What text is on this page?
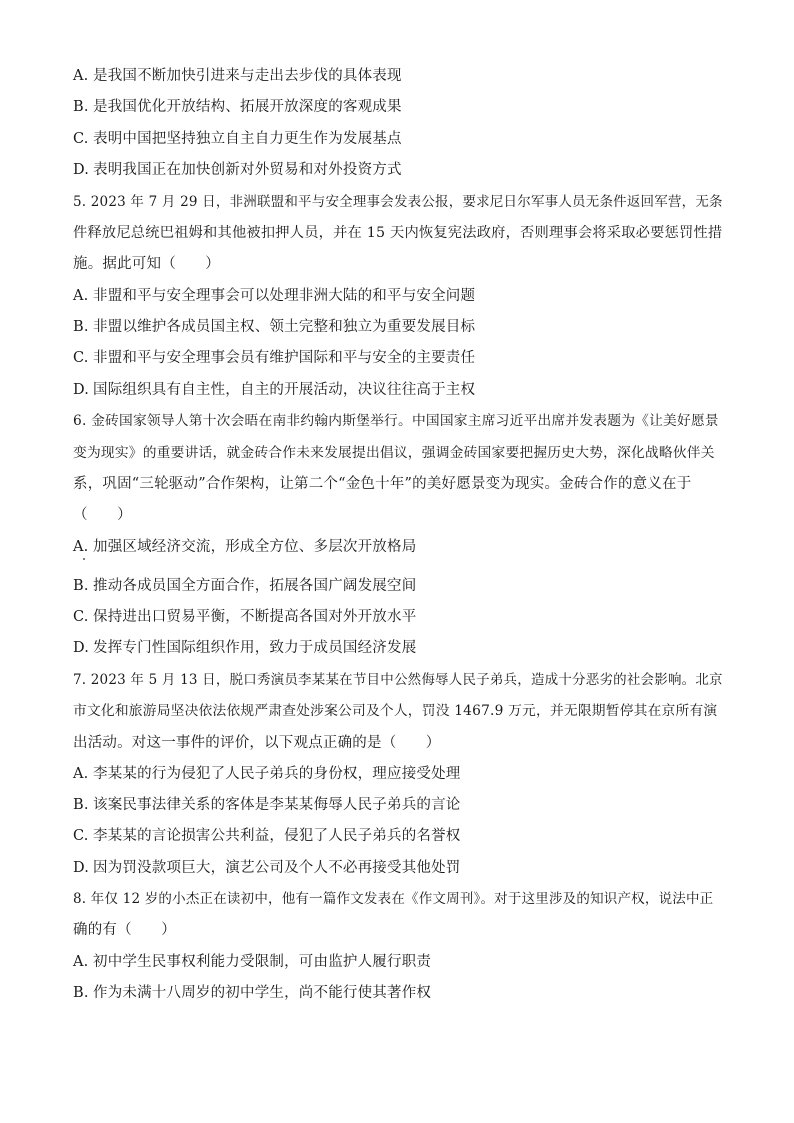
A. 是我国不断加快引进来与走出去步伐的具体表现
B. 是我国优化开放结构、拓展开放深度的客观成果
C. 表明中国把坚持独立自主自力更生作为发展基点
D. 表明我国正在加快创新对外贸易和对外投资方式
5. 2023 年 7 月 29 日，非洲联盟和平与安全理事会发表公报，要求尼日尔军事人员无条件返回军营，无条
件释放尼总统巴祖姆和其他被扣押人员，并在 15 天内恢复宪法政府，否则理事会将采取必要惩罚性措
施。据此可知（　　）
A. 非盟和平与安全理事会可以处理非洲大陆的和平与安全问题
B. 非盟以维护各成员国主权、领土完整和独立为重要发展目标
C. 非盟和平与安全理事会员有维护国际和平与安全的主要责任
D. 国际组织具有自主性，自主的开展活动，决议往往高于主权
6. 金砖国家领导人第十次会晤在南非约翰内斯堡举行。中国国家主席习近平出席并发表题为《让美好愿景
变为现实》的重要讲话，就金砖合作未来发展提出倡议，强调金砖国家要把握历史大势，深化战略伙伴关
系，巩固“三轮驱动”合作架构，让第二个“金色十年”的美好愿景变为现实。金砖合作的意义在于
（　　）
A. 加强区域经济交流，形成全方位、多层次开放格局
B. 推动各成员国全方面合作，拓展各国广阔发展空间
C. 保持进出口贸易平衡，不断提高各国对外开放水平
D. 发挥专门性国际组织作用，致力于成员国经济发展
7. 2023 年 5 月 13 日，脱口秀演员李某某在节目中公然侮辱人民子弟兵，造成十分恶劣的社会影响。北京
市文化和旅游局坚决依法依规严肃查处涉案公司及个人，罚没 1467.9 万元，并无限期暂停其在京所有演
出活动。对这一事件的评价，以下观点正确的是（　　）
A. 李某某的行为侵犯了人民子弟兵的身份权，理应接受处理
B. 该案民事法律关系的客体是李某某侮辱人民子弟兵的言论
C. 李某某的言论损害公共利益，侵犯了人民子弟兵的名誉权
D. 因为罚没款项巨大，演艺公司及个人不必再接受其他处罚
8. 年仅 12 岁的小杰正在读初中，他有一篇作文发表在《作文周刊》。对于这里涉及的知识产权，说法中正
确的有（　　）
A. 初中学生民事权利能力受限制，可由监护人履行职责
B. 作为未满十八周岁的初中学生，尚不能行使其著作权
